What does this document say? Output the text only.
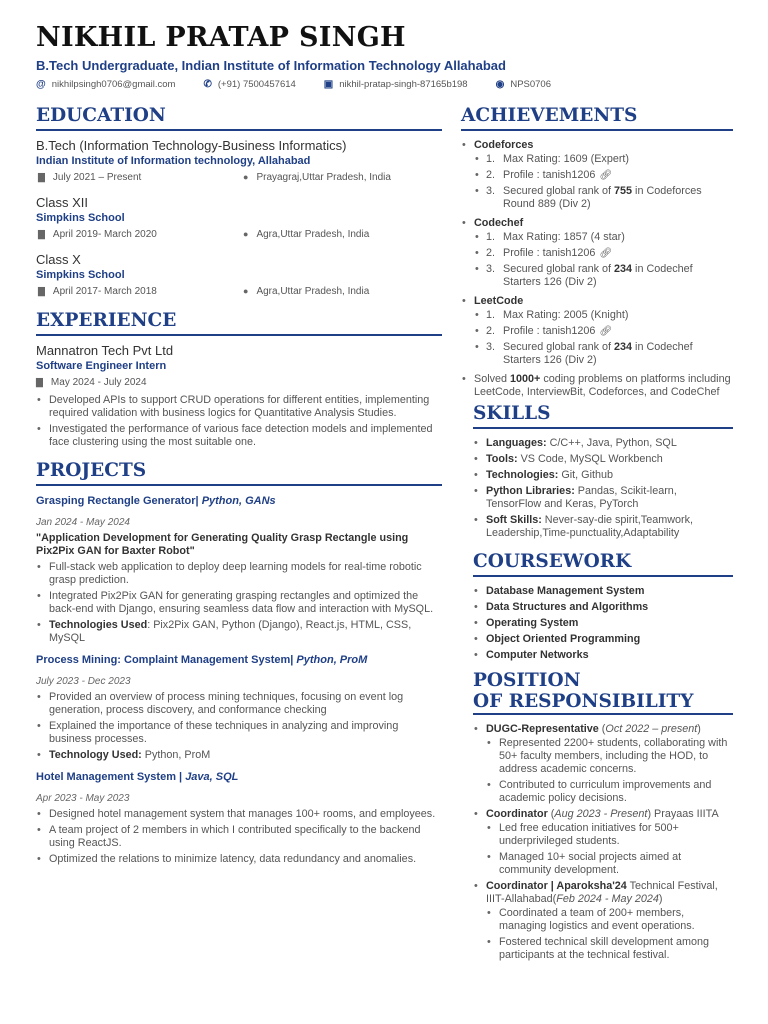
NIKHIL PRATAP SINGH
B.Tech Undergraduate, Indian Institute of Information Technology Allahabad
@ nikhilpsingh0706@gmail.com	✆ (+91) 7500457614	▣ nikhil-pratap-singh-87165b198	◉ NPS0706
EDUCATION
B.Tech (Information Technology-Business Informatics)
Indian Institute of Information technology, Allahabad
▇ July 2021 – Present	● Prayagraj,Uttar Pradesh, India
Class XII
Simpkins School
▇ April 2019- March 2020	● Agra,Uttar Pradesh, India
Class X
Simpkins School
▇ April 2017- March 2018	● Agra,Uttar Pradesh, India
EXPERIENCE
Mannatron Tech Pvt Ltd
Software Engineer Intern
▇ May 2024 - July 2024
• Developed APIs to support CRUD operations for different entities, implementing required validation with business logics for Quantitative Analysis Studies.
• Investigated the performance of various face detection models and implemented face clustering using the most suitable one.
PROJECTS
Grasping Rectangle Generator| Python, GANs
Jan 2024 - May 2024
"Application Development for Generating Quality Grasp Rectangle using Pix2Pix GAN for Baxter Robot"
• Full-stack web application to deploy deep learning models for real-time robotic grasp prediction.
• Integrated Pix2Pix GAN for generating grasping rectangles and optimized the back-end with Django, ensuring seamless data flow and interaction with MySQL.
• Technologies Used: Pix2Pix GAN, Python (Django), React.js, HTML, CSS, MySQL
Process Mining: Complaint Management System| Python, ProM
July 2023 - Dec 2023
• Provided an overview of process mining techniques, focusing on event log generation, process discovery, and conformance checking
• Explained the importance of these techniques in analyzing and improving business processes.
• Technology Used: Python, ProM
Hotel Management System | Java, SQL
Apr 2023 - May 2023
• Designed hotel management system that manages 100+ rooms, and employees.
• A team project of 2 members in which I contributed specifically to the backend using ReactJS.
• Optimized the relations to minimize latency, data redundancy and anomalies.
ACHIEVEMENTS
• Codeforces
• 1. Max Rating: 1609 (Expert)
• 2. Profile : tanish1206 🔗︎
• 3. Secured global rank of 755 in Codeforces Round 889 (Div 2)
• Codechef
• 1. Max Rating: 1857 (4 star)
• 2. Profile : tanish1206 🔗︎
• 3. Secured global rank of 234 in Codechef Starters 126 (Div 2)
• LeetCode
• 1. Max Rating: 2005 (Knight)
• 2. Profile : tanish1206 🔗︎
• 3. Secured global rank of 234 in Codechef Starters 126 (Div 2)
• Solved 1000+ coding problems on platforms including LeetCode, InterviewBit, Codeforces, and CodeChef
SKILLS
• Languages: C/C++, Java, Python, SQL
• Tools: VS Code, MySQL Workbench
• Technologies: Git, Github
• Python Libraries: Pandas, Scikit-learn, TensorFlow and Keras, PyTorch
• Soft Skills: Never-say-die spirit,Teamwork, Leadership,Time-punctuality,Adaptability
COURSEWORK
• Database Management System
• Data Structures and Algorithms
• Operating System
• Object Oriented Programming
• Computer Networks
POSITION
OF RESPONSIBILITY
• DUGC-Representative (Oct 2022 – present)
• Represented 2200+ students, collaborating with 50+ faculty members, including the HOD, to address academic concerns.
• Contributed to curriculum improvements and academic policy decisions.
• Coordinator (Aug 2023 - Present) Prayaas IIITA
• Led free education initiatives for 500+ underprivileged students.
• Managed 10+ social projects aimed at community development.
• Coordinator | Aparoksha'24 Technical Festival, IIIT-Allahabad(Feb 2024 - May 2024)
• Coordinated a team of 200+ members, managing logistics and event operations.
• Fostered technical skill development among participants at the technical festival.
